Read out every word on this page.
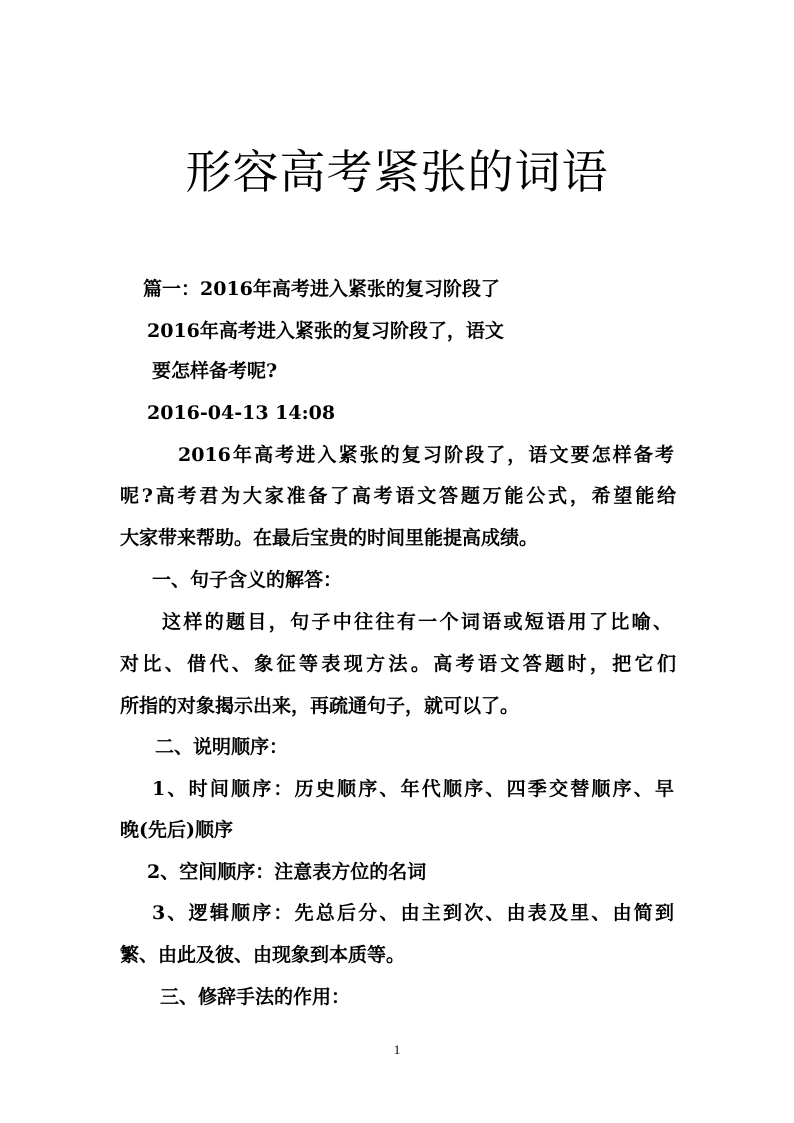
形容高考紧张的词语

篇一：2016年高考进入紧张的复习阶段了

2016年高考进入紧张的复习阶段了，语文

要怎样备考呢?

2016-04-13 14:08

2016年高考进入紧张的复习阶段了，语文要怎样备考

呢?高考君为大家准备了高考语文答题万能公式，希望能给

大家带来帮助。在最后宝贵的时间里能提高成绩。

一、句子含义的解答：

这样的题目，句子中往往有一个词语或短语用了比喻、

对比、借代、象征等表现方法。高考语文答题时，把它们

所指的对象揭示出来，再疏通句子，就可以了。

二、说明顺序：

1、时间顺序：历史顺序、年代顺序、四季交替顺序、早

晚(先后)顺序

2、空间顺序：注意表方位的名词

3、逻辑顺序：先总后分、由主到次、由表及里、由简到

繁、由此及彼、由现象到本质等。

三、修辞手法的作用：

1
